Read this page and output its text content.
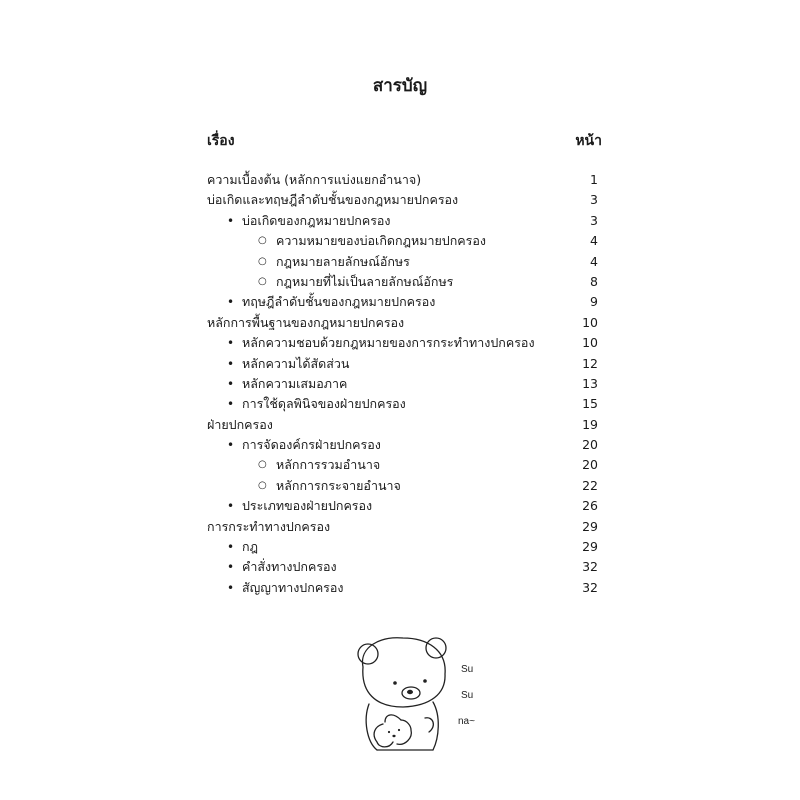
สารบัญ
เรื่อง	หน้า
ความเบื้องต้น (หลักการแบ่งแยกอำนาจ)	1
บ่อเกิดและทฤษฎีลำดับชั้นของกฎหมายปกครอง	3
• บ่อเกิดของกฎหมายปกครอง	3
○ ความหมายของบ่อเกิดกฎหมายปกครอง	4
○ กฎหมายลายลักษณ์อักษร	4
○ กฎหมายที่ไม่เป็นลายลักษณ์อักษร	8
• ทฤษฎีลำดับชั้นของกฎหมายปกครอง	9
หลักการพื้นฐานของกฎหมายปกครอง	10
• หลักความชอบด้วยกฎหมายของการกระทำทางปกครอง	10
• หลักความได้สัดส่วน	12
• หลักความเสมอภาค	13
• การใช้ดุลพินิจของฝ่ายปกครอง	15
ฝ่ายปกครอง	19
• การจัดองค์กรฝ่ายปกครอง	20
○ หลักการรวมอำนาจ	20
○ หลักการกระจายอำนาจ	22
• ประเภทของฝ่ายปกครอง	26
การกระทำทางปกครอง	29
• กฎ	29
• คำสั่งทางปกครอง	32
• สัญญาทางปกครอง	32
Su
Su
na~
